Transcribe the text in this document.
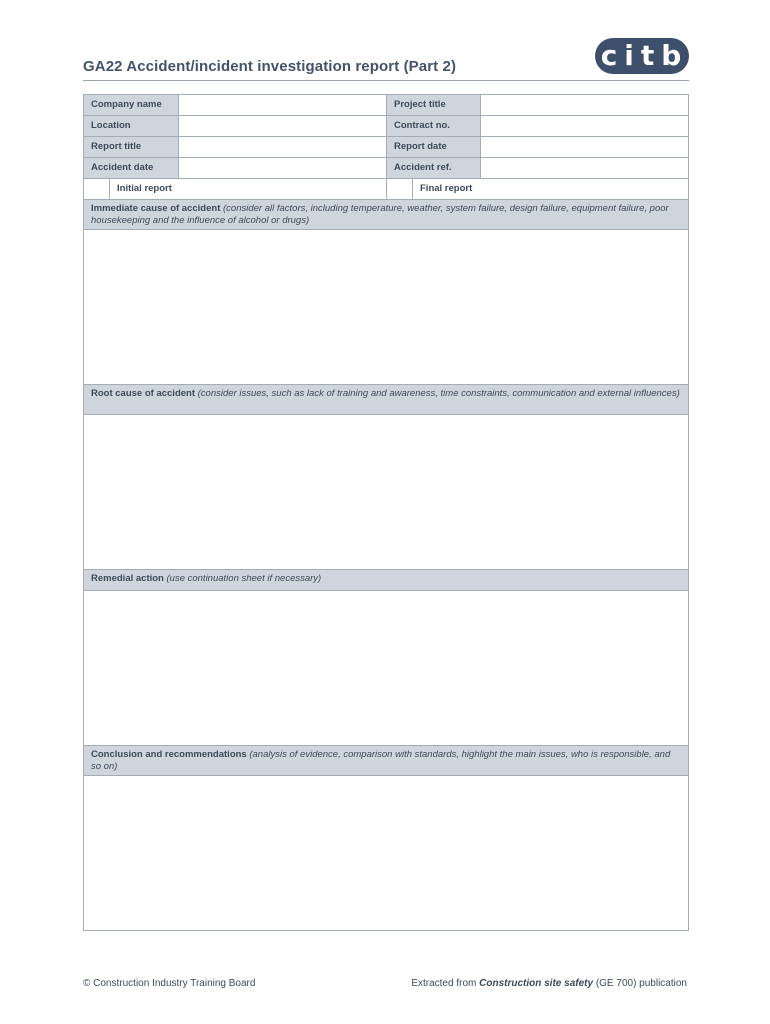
GA22 Accident/incident investigation report (Part 2)	citb
Company name	Project title
Location	Contract no.
Report title	Report date
Accident date	Accident ref.
Initial report	Final report
Immediate cause of accident (consider all factors, including temperature, weather, system failure, design failure, equipment failure, poor housekeeping and the influence of alcohol or drugs)
Root cause of accident (consider issues, such as lack of training and awareness, time constraints, communication and external influences)
Remedial action (use continuation sheet if necessary)
Conclusion and recommendations (analysis of evidence, comparison with standards, highlight the main issues, who is responsible, and so on)
© Construction Industry Training Board	Extracted from Construction site safety (GE 700) publication
